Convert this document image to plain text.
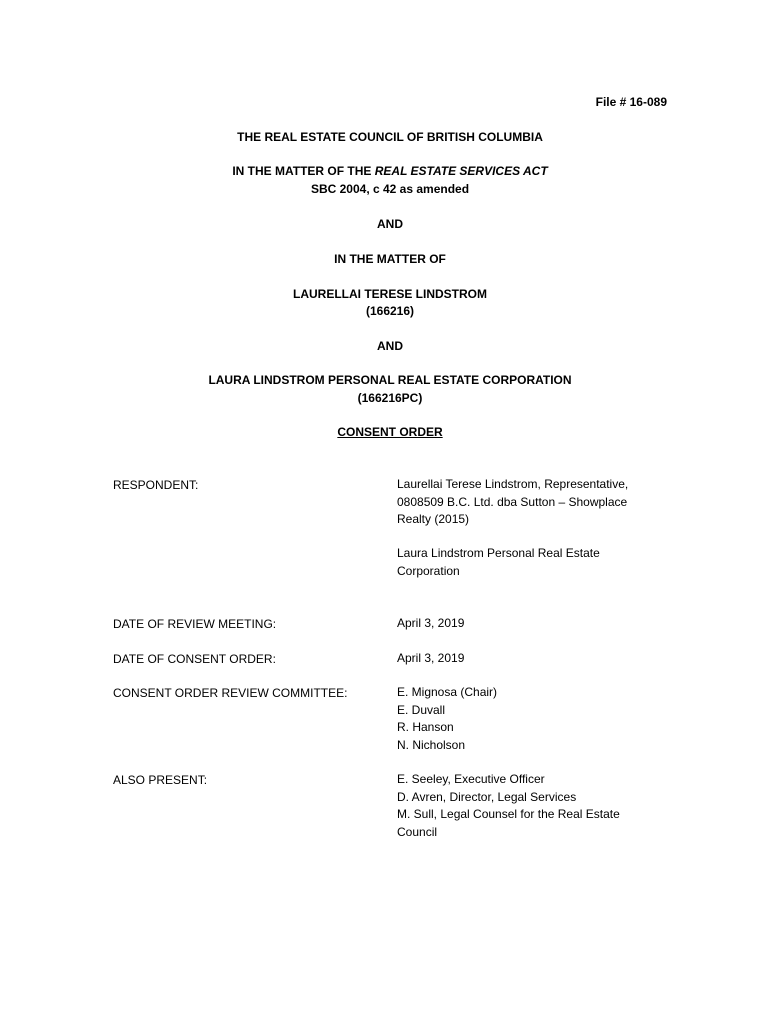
File # 16-089
THE REAL ESTATE COUNCIL OF BRITISH COLUMBIA
IN THE MATTER OF THE REAL ESTATE SERVICES ACT
SBC 2004, c 42 as amended
AND
IN THE MATTER OF
LAURELLAI TERESE LINDSTROM
(166216)
AND
LAURA LINDSTROM PERSONAL REAL ESTATE CORPORATION
(166216PC)
CONSENT ORDER
RESPONDENT:	Laurellai Terese Lindstrom, Representative,
0808509 B.C. Ltd. dba Sutton – Showplace
Realty (2015)
Laura Lindstrom Personal Real Estate
Corporation
DATE OF REVIEW MEETING:	April 3, 2019
DATE OF CONSENT ORDER:	April 3, 2019
CONSENT ORDER REVIEW COMMITTEE:	E. Mignosa (Chair)
E. Duvall
R. Hanson
N. Nicholson
ALSO PRESENT:	E. Seeley, Executive Officer
D. Avren, Director, Legal Services
M. Sull, Legal Counsel for the Real Estate
Council
